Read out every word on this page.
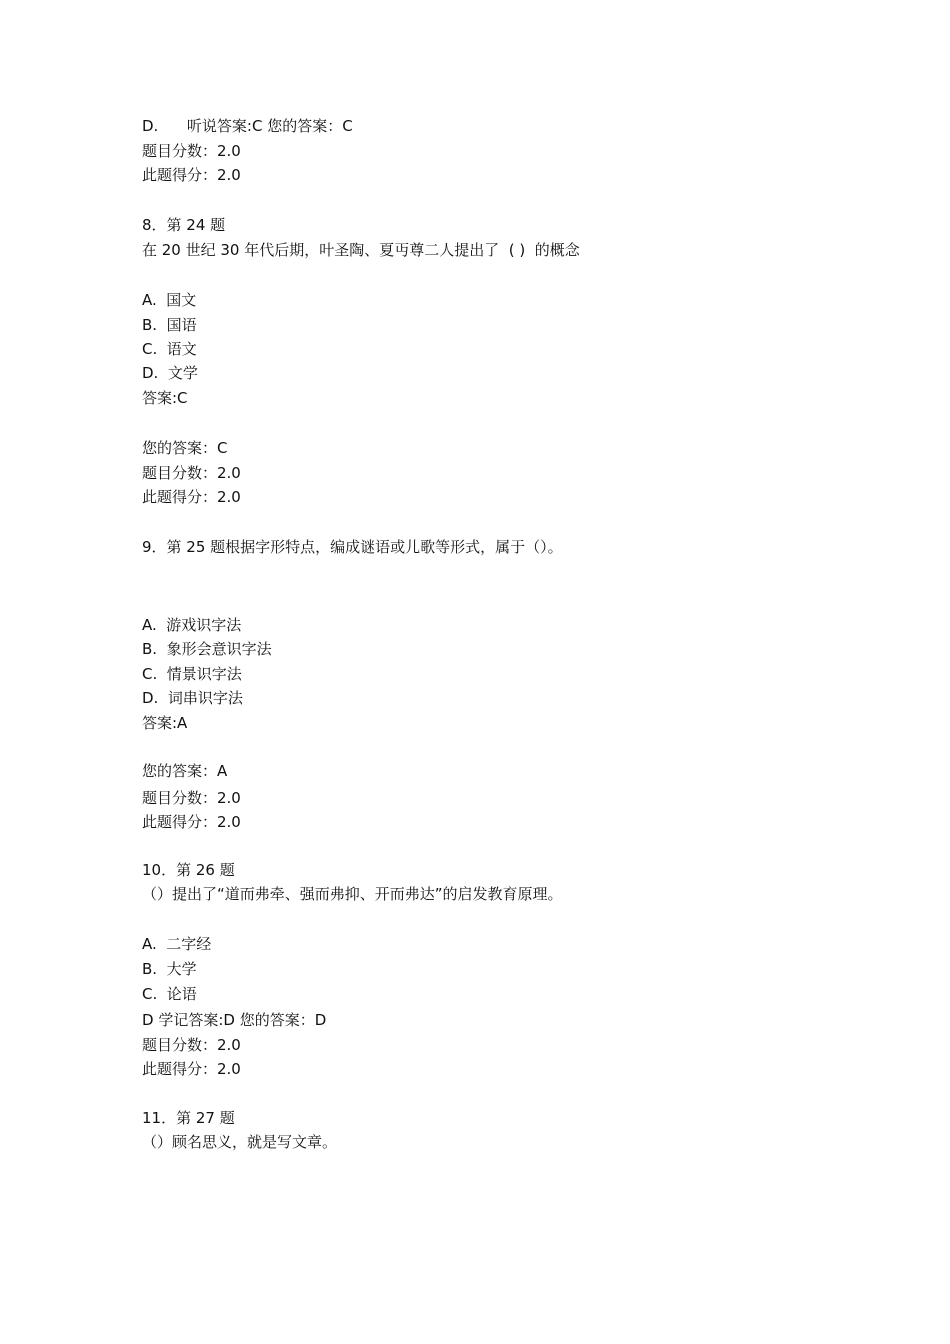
D.      听说答案:C 您的答案：C
题目分数：2.0
此题得分：2.0
8．第 24 题
在 20 世纪 30 年代后期，叶圣陶、夏丏尊二人提出了  ( )  的概念
A.  国文
B.  国语
C.  语文
D.  文学
答案:C
您的答案：C
题目分数：2.0
此题得分：2.0
9．第 25 题根据字形特点，编成谜语或儿歌等形式，属于（）。
A.  游戏识字法
B.  象形会意识字法
C.  情景识字法
D.  词串识字法
答案:A
您的答案：A
题目分数：2.0
此题得分：2.0
10．第 26 题
（）提出了“道而弗牵、强而弗抑、开而弗达”的启发教育原理。
A.  二字经
B.  大学
C.  论语
D 学记答案:D 您的答案：D
题目分数：2.0
此题得分：2.0
11．第 27 题
（）顾名思义，就是写文章。
